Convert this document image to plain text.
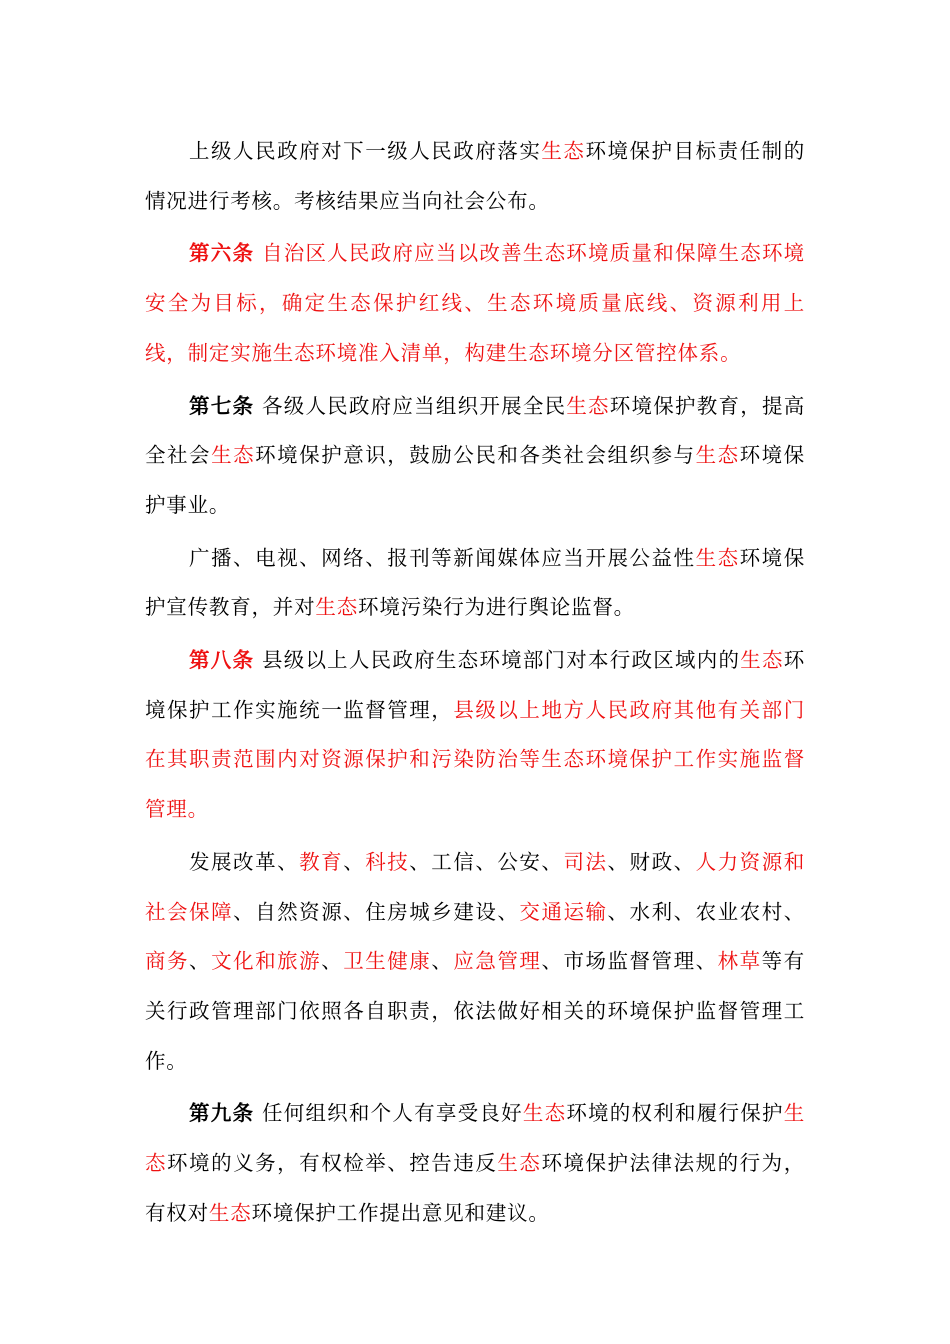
上级人民政府对下一级人民政府落实生态环境保护目标责任制的情况进行考核。考核结果应当向社会公布。

第六条 自治区人民政府应当以改善生态环境质量和保障生态环境安全为目标，确定生态保护红线、生态环境质量底线、资源利用上线，制定实施生态环境准入清单，构建生态环境分区管控体系。

第七条 各级人民政府应当组织开展全民生态环境保护教育，提高全社会生态环境保护意识，鼓励公民和各类社会组织参与生态环境保护事业。

广播、电视、网络、报刊等新闻媒体应当开展公益性生态环境保护宣传教育，并对生态环境污染行为进行舆论监督。

第八条 县级以上人民政府生态环境部门对本行政区域内的生态环境保护工作实施统一监督管理，县级以上地方人民政府其他有关部门在其职责范围内对资源保护和污染防治等生态环境保护工作实施监督管理。

发展改革、教育、科技、工信、公安、司法、财政、人力资源和社会保障、自然资源、住房城乡建设、交通运输、水利、农业农村、商务、文化和旅游、卫生健康、应急管理、市场监督管理、林草等有关行政管理部门依照各自职责，依法做好相关的环境保护监督管理工作。

第九条 任何组织和个人有享受良好生态环境的权利和履行保护生态环境的义务，有权检举、控告违反生态环境保护法律法规的行为，有权对生态环境保护工作提出意见和建议。
